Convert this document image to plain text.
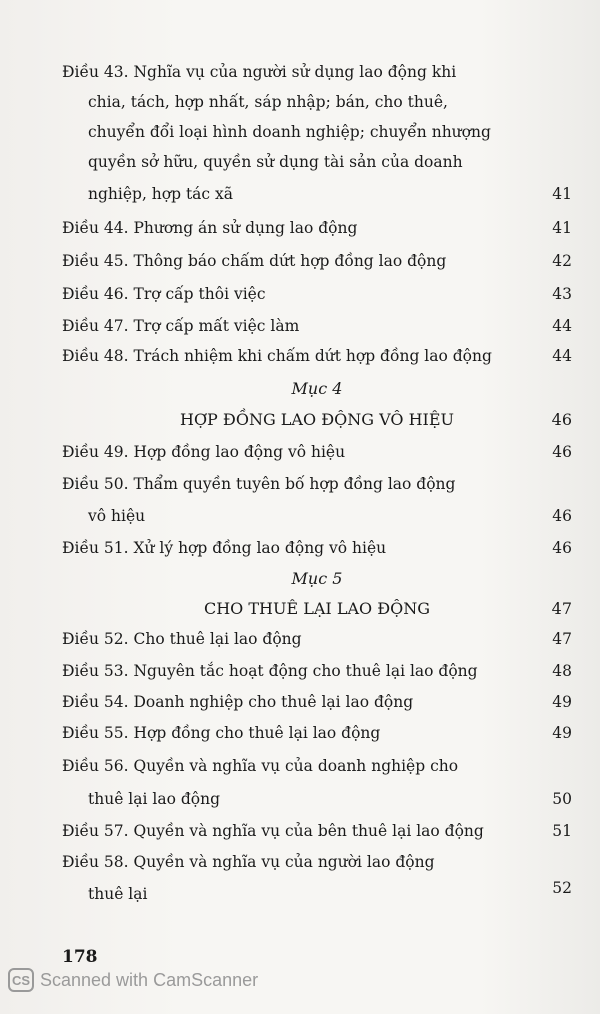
Điều 43. Nghĩa vụ của người sử dụng lao động khi
chia, tách, hợp nhất, sáp nhập; bán, cho thuê,
chuyển đổi loại hình doanh nghiệp; chuyển nhượng
quyền sở hữu, quyền sử dụng tài sản của doanh
nghiệp, hợp tác xã	41
Điều 44. Phương án sử dụng lao động	41
Điều 45. Thông báo chấm dứt hợp đồng lao động	42
Điều 46. Trợ cấp thôi việc	43
Điều 47. Trợ cấp mất việc làm	44
Điều 48. Trách nhiệm khi chấm dứt hợp đồng lao động	44
Mục 4
HỢP ĐỒNG LAO ĐỘNG VÔ HIỆU	46
Điều 49. Hợp đồng lao động vô hiệu	46
Điều 50. Thẩm quyền tuyên bố hợp đồng lao động
vô hiệu	46
Điều 51. Xử lý hợp đồng lao động vô hiệu	46
Mục 5
CHO THUÊ LẠI LAO ĐỘNG	47
Điều 52. Cho thuê lại lao động	47
Điều 53. Nguyên tắc hoạt động cho thuê lại lao động	48
Điều 54. Doanh nghiệp cho thuê lại lao động	49
Điều 55. Hợp đồng cho thuê lại lao động	49
Điều 56. Quyền và nghĩa vụ của doanh nghiệp cho
thuê lại lao động	50
Điều 57. Quyền và nghĩa vụ của bên thuê lại lao động	51
Điều 58. Quyền và nghĩa vụ của người lao động
thuê lại	52
178
CS Scanned with CamScanner
